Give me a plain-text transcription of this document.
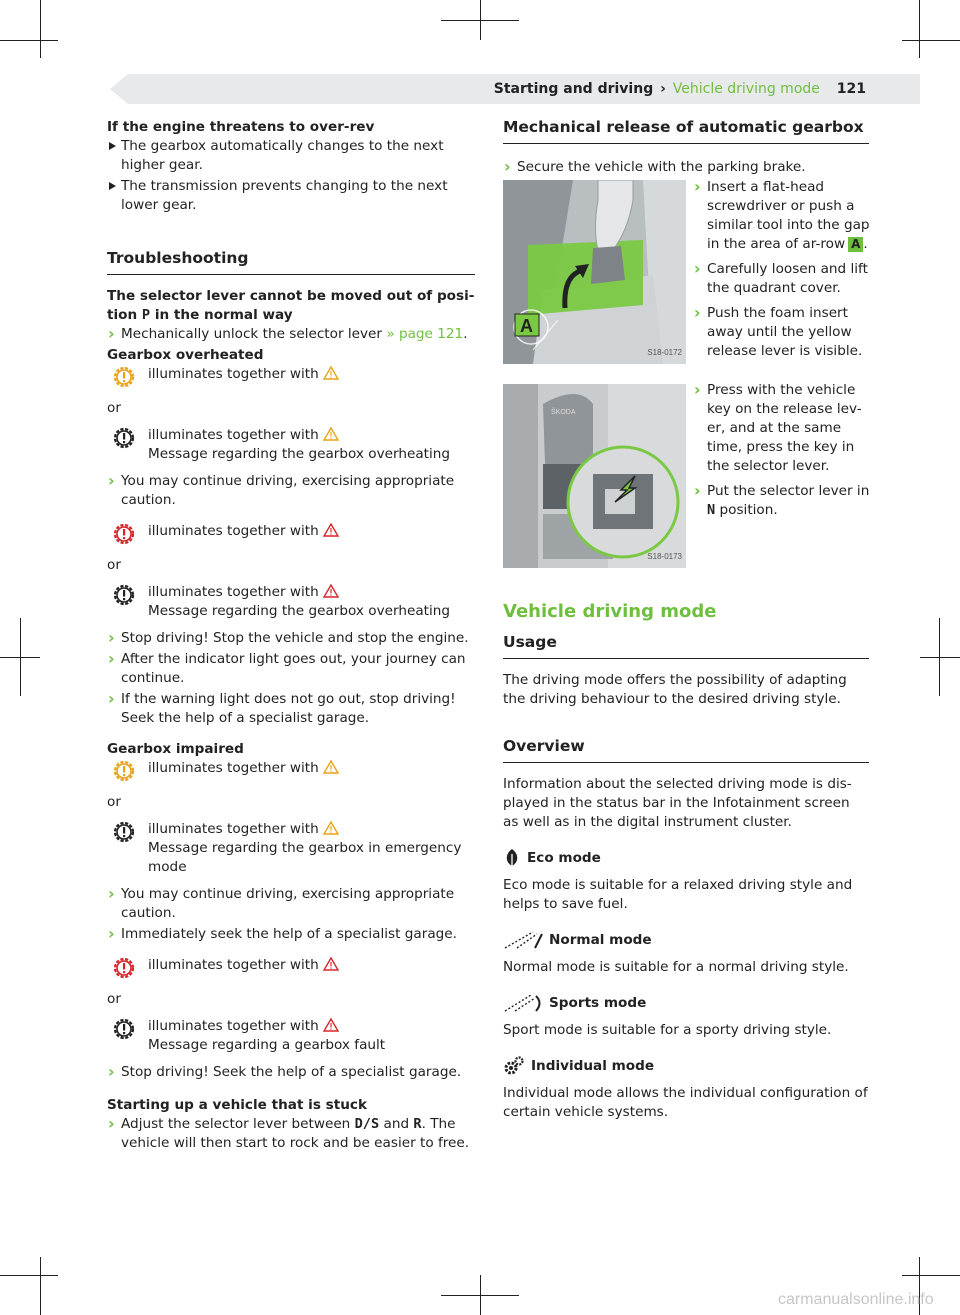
Starting and driving › Vehicle driving mode 121
If the engine threatens to over-rev
The gearbox automatically changes to the next higher gear.
The transmission prevents changing to the next lower gear.
Troubleshooting
The selector lever cannot be moved out of posi-tion P in the normal way
› Mechanically unlock the selector lever » page 121.
Gearbox overheated
illuminates together with
or
illuminates together with
Message regarding the gearbox overheating
› You may continue driving, exercising appropriate caution.
illuminates together with
or
illuminates together with
Message regarding the gearbox overheating
› Stop driving! Stop the vehicle and stop the engine.
› After the indicator light goes out, your journey can continue.
› If the warning light does not go out, stop driving! Seek the help of a specialist garage.
Gearbox impaired
illuminates together with
or
illuminates together with
Message regarding the gearbox in emergency mode
› You may continue driving, exercising appropriate caution.
› Immediately seek the help of a specialist garage.
illuminates together with
or
illuminates together with
Message regarding a gearbox fault
› Stop driving! Seek the help of a specialist garage.
Starting up a vehicle that is stuck
› Adjust the selector lever between D/S and R. The vehicle will then start to rock and be easier to free.
Mechanical release of automatic gearbox
› Secure the vehicle with the parking brake.
A
S18-0172
ŠKODA
S18-0173
› Insert a flat-head screwdriver or push a similar tool into the gap in the area of ar-row A .
› Carefully loosen and lift the quadrant cover.
› Push the foam insert away until the yellow release lever is visible.
› Press with the vehicle key on the release lev-er, and at the same time, press the key in the selector lever.
› Put the selector lever in N position.
Vehicle driving mode
Usage
The driving mode offers the possibility of adapting the driving behaviour to the desired driving style.
Overview
Information about the selected driving mode is dis-played in the status bar in the Infotainment screen as well as in the digital instrument cluster.
Eco mode
Eco mode is suitable for a relaxed driving style and helps to save fuel.
Normal mode
Normal mode is suitable for a normal driving style.
Sports mode
Sport mode is suitable for a sporty driving style.
Individual mode
Individual mode allows the individual configuration of certain vehicle systems.
carmanualsonline.info
